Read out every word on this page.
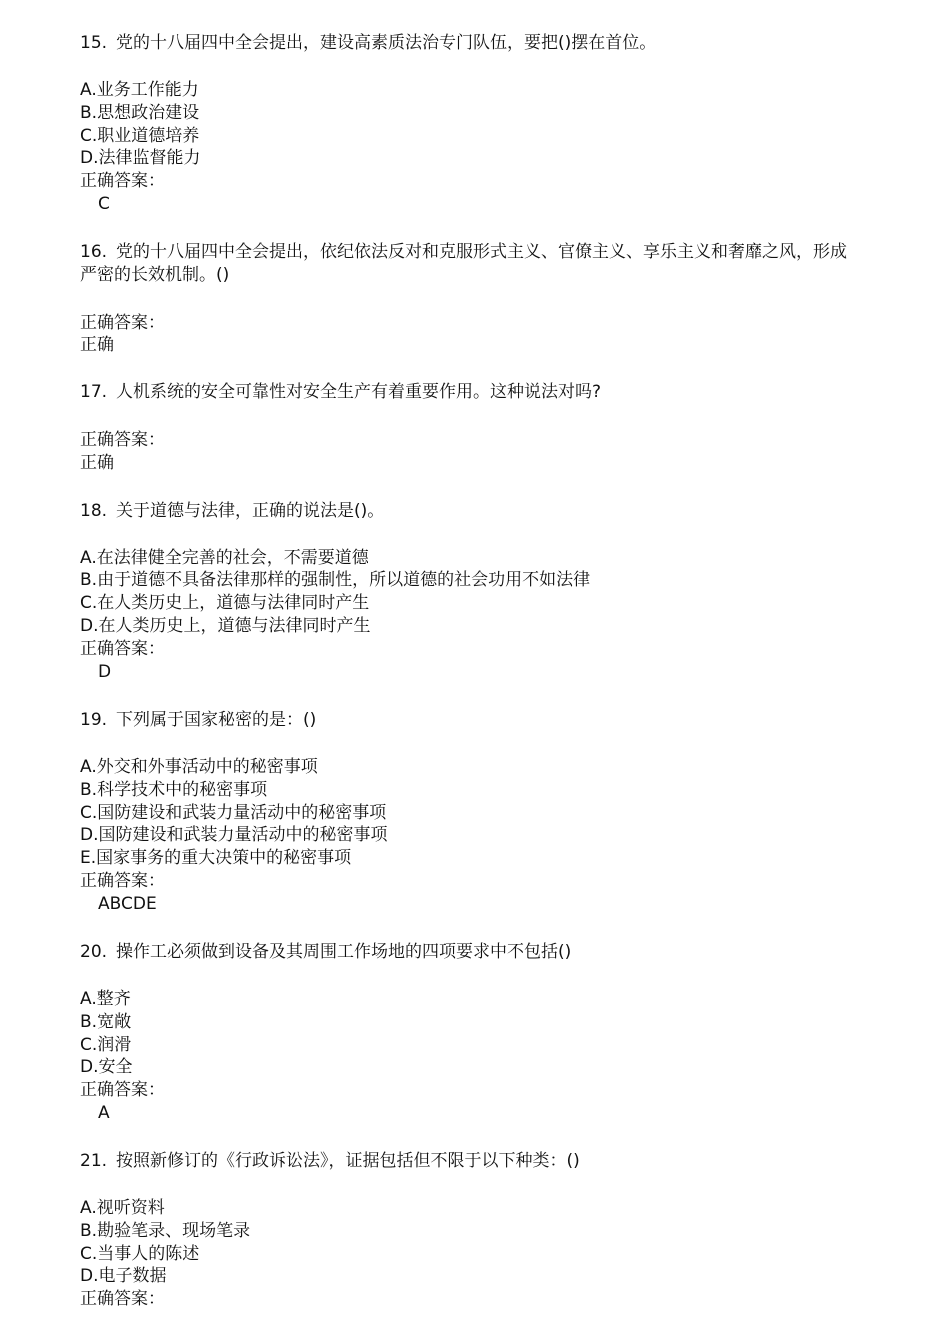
15. 党的十八届四中全会提出，建设高素质法治专门队伍，要把()摆在首位。
A.业务工作能力
B.思想政治建设
C.职业道德培养
D.法律监督能力
正确答案：
C
16. 党的十八届四中全会提出，依纪依法反对和克服形式主义、官僚主义、享乐主义和奢靡之风，形成
严密的长效机制。()
正确答案：
正确
17. 人机系统的安全可靠性对安全生产有着重要作用。这种说法对吗?
正确答案：
正确
18. 关于道德与法律，正确的说法是()。
A.在法律健全完善的社会，不需要道德
B.由于道德不具备法律那样的强制性，所以道德的社会功用不如法律
C.在人类历史上，道德与法律同时产生
D.在人类历史上，道德与法律同时产生
正确答案：
D
19. 下列属于国家秘密的是：()
A.外交和外事活动中的秘密事项
B.科学技术中的秘密事项
C.国防建设和武装力量活动中的秘密事项
D.国防建设和武装力量活动中的秘密事项
E.国家事务的重大决策中的秘密事项
正确答案：
ABCDE
20. 操作工必须做到设备及其周围工作场地的四项要求中不包括()
A.整齐
B.宽敞
C.润滑
D.安全
正确答案：
A
21. 按照新修订的《行政诉讼法》，证据包括但不限于以下种类：()
A.视听资料
B.勘验笔录、现场笔录
C.当事人的陈述
D.电子数据
正确答案：
